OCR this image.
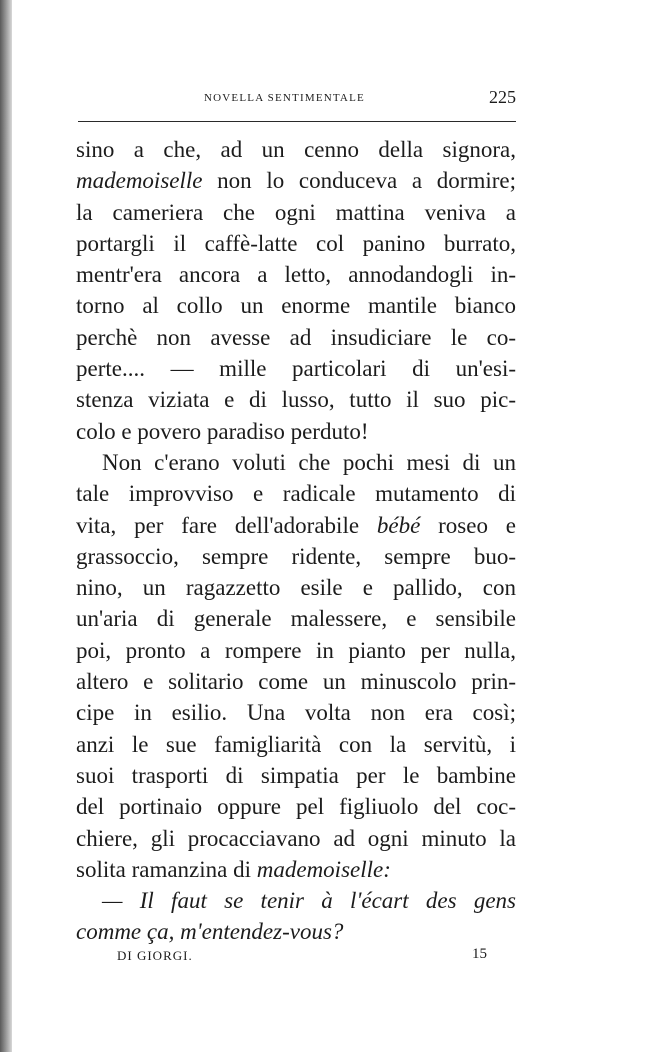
NOVELLA SENTIMENTALE	225
sino a che, ad un cenno della signora,
mademoiselle non lo conduceva a dormire;
la cameriera che ogni mattina veniva a
portargli il caffè-latte col panino burrato,
mentr'era ancora a letto, annodandogli in-
torno al collo un enorme mantile bianco
perchè non avesse ad insudiciare le co-
perte.... — mille particolari di un'esi-
stenza viziata e di lusso, tutto il suo pic-
colo e povero paradiso perduto!
Non c'erano voluti che pochi mesi di un
tale improvviso e radicale mutamento di
vita, per fare dell'adorabile bébé roseo e
grassoccio, sempre ridente, sempre buo-
nino, un ragazzetto esile e pallido, con
un'aria di generale malessere, e sensibile
poi, pronto a rompere in pianto per nulla,
altero e solitario come un minuscolo prin-
cipe in esilio. Una volta non era così;
anzi le sue famigliarità con la servitù, i
suoi trasporti di simpatia per le bambine
del portinaio oppure pel figliuolo del coc-
chiere, gli procacciavano ad ogni minuto la
solita ramanzina di mademoiselle:
— Il faut se tenir à l'écart des gens
comme ça, m'entendez-vous?
DI GIORGI.	15
